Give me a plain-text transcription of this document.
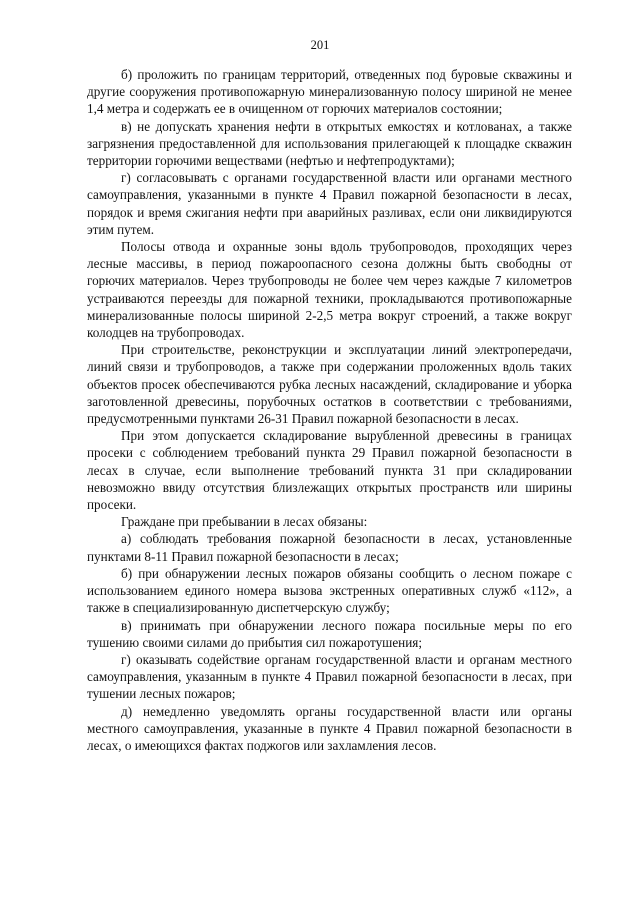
201

б) проложить по границам территорий, отведенных под буровые скважины и другие сооружения противопожарную минерализованную полосу шириной не менее 1,4 метра и содержать ее в очищенном от горючих материалов состоянии;

в) не допускать хранения нефти в открытых емкостях и котлованах, а также загрязнения предоставленной для использования прилегающей к площадке скважин территории горючими веществами (нефтью и нефтепродуктами);

г) согласовывать с органами государственной власти или органами местного самоуправления, указанными в пункте 4 Правил пожарной безопасности в лесах, порядок и время сжигания нефти при аварийных разливах, если они ликвидируются этим путем.

Полосы отвода и охранные зоны вдоль трубопроводов, проходящих через лесные массивы, в период пожароопасного сезона должны быть свободны от горючих материалов. Через трубопроводы не более чем через каждые 7 километров устраиваются переезды для пожарной техники, прокладываются противопожарные минерализованные полосы шириной 2-2,5 метра вокруг строений, а также вокруг колодцев на трубопроводах.

При строительстве, реконструкции и эксплуатации линий электропередачи, линий связи и трубопроводов, а также при содержании проложенных вдоль таких объектов просек обеспечиваются рубка лесных насаждений, складирование и уборка заготовленной древесины, порубочных остатков в соответствии с требованиями, предусмотренными пунктами 26-31 Правил пожарной безопасности в лесах.

При этом допускается складирование вырубленной древесины в границах просеки с соблюдением требований пункта 29 Правил пожарной безопасности в лесах в случае, если выполнение требований пункта 31 при складировании невозможно ввиду отсутствия близлежащих открытых пространств или ширины просеки.

Граждане при пребывании в лесах обязаны:

а) соблюдать требования пожарной безопасности в лесах, установленные пунктами 8-11 Правил пожарной безопасности в лесах;

б) при обнаружении лесных пожаров обязаны сообщить о лесном пожаре с использованием единого номера вызова экстренных оперативных служб «112», а также в специализированную диспетчерскую службу;

в) принимать при обнаружении лесного пожара посильные меры по его тушению своими силами до прибытия сил пожаротушения;

г) оказывать содействие органам государственной власти и органам местного самоуправления, указанным в пункте 4 Правил пожарной безопасности в лесах, при тушении лесных пожаров;

д) немедленно уведомлять органы государственной власти или органы местного самоуправления, указанные в пункте 4 Правил пожарной безопасности в лесах, о имеющихся фактах поджогов или захламления лесов.
